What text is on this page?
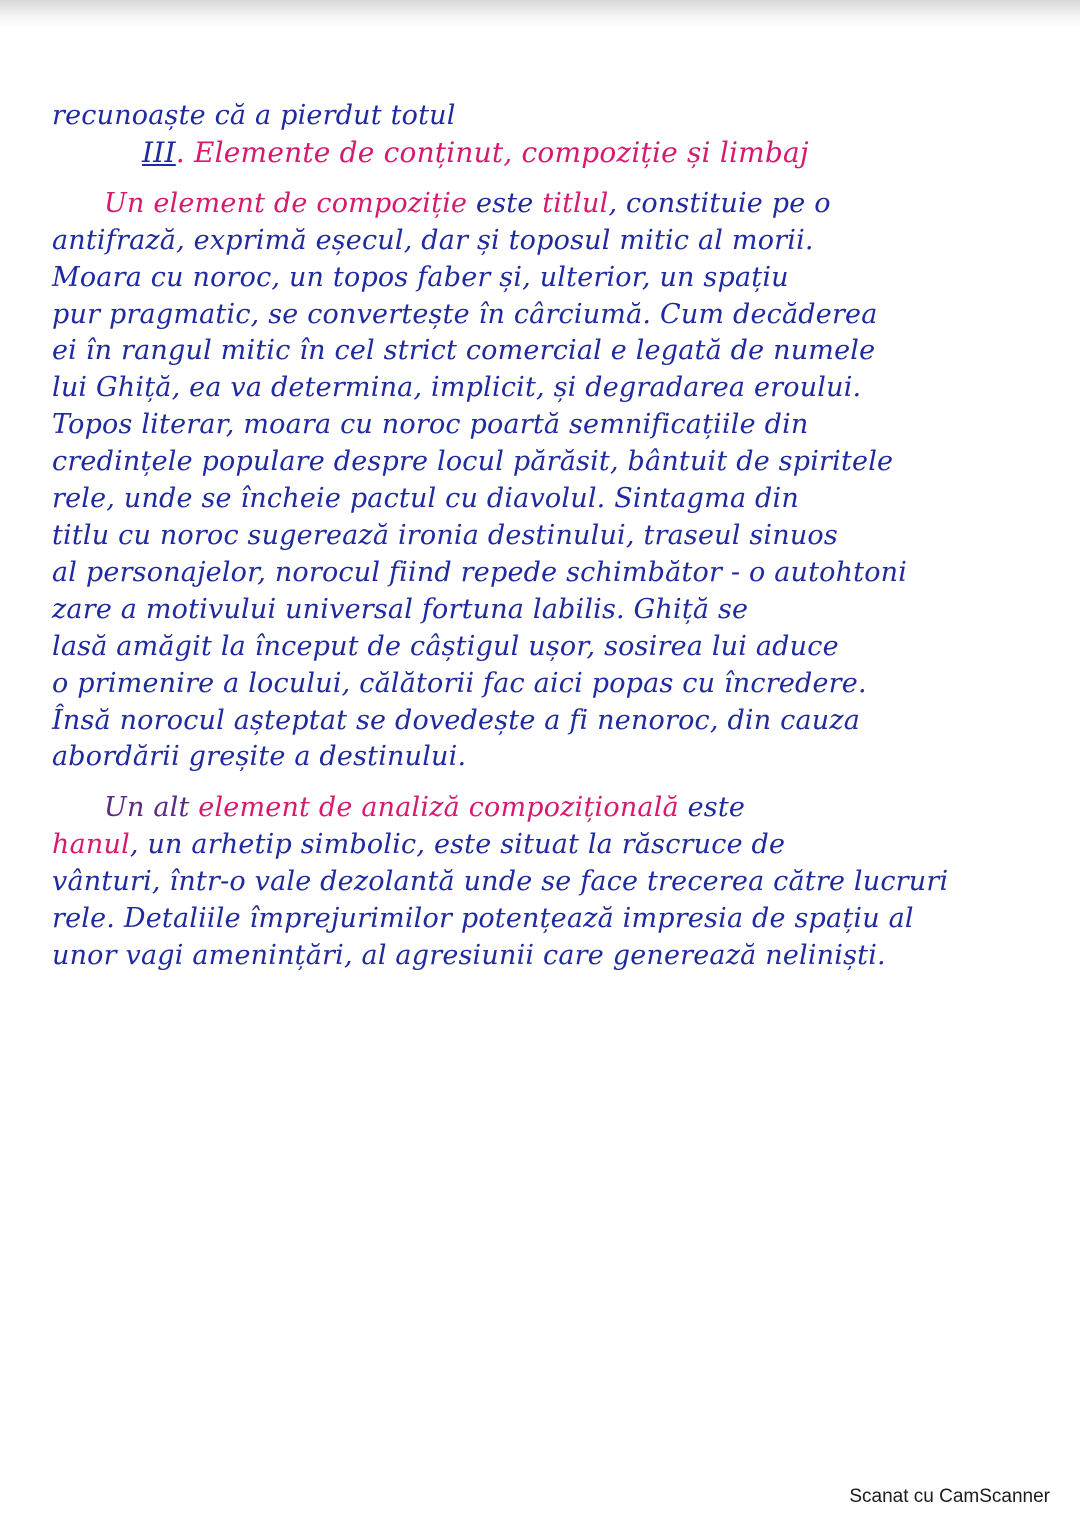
recunoaște că a pierdut totul
III. Elemente de conținut, compoziție și limbaj
Un element de compoziție este titlul, constituie pe o
antifrază, exprimă eșecul, dar și toposul mitic al morii.
Moara cu noroc, un topos faber și, ulterior, un spațiu
pur pragmatic, se convertește în cârciumă. Cum decăderea
ei în rangul mitic în cel strict comercial e legată de numele
lui Ghiță, ea va determina, implicit, și degradarea eroului.
Topos literar, moara cu noroc poartă semnificațiile din
credințele populare despre locul părăsit, bântuit de spiritele
rele, unde se încheie pactul cu diavolul. Sintagma din
titlu cu noroc sugerează ironia destinului, traseul sinuos
al personajelor, norocul fiind repede schimbător - o autohtoni
zare a motivului universal fortuna labilis. Ghiță se
lasă amăgit la început de câștigul ușor, sosirea lui aduce
o primenire a locului, călătorii fac aici popas cu încredere.
Însă norocul așteptat se dovedește a fi nenoroc, din cauza
abordării greșite a destinului.
Un alt element de analiză compozițională este
hanul, un arhetip simbolic, este situat la răscruce de
vânturi, într-o vale dezolantă unde se face trecerea către lucruri
rele. Detaliile împrejurimilor potențează impresia de spațiu al
unor vagi amenințări, al agresiunii care generează neliniști.
Scanat cu CamScanner
